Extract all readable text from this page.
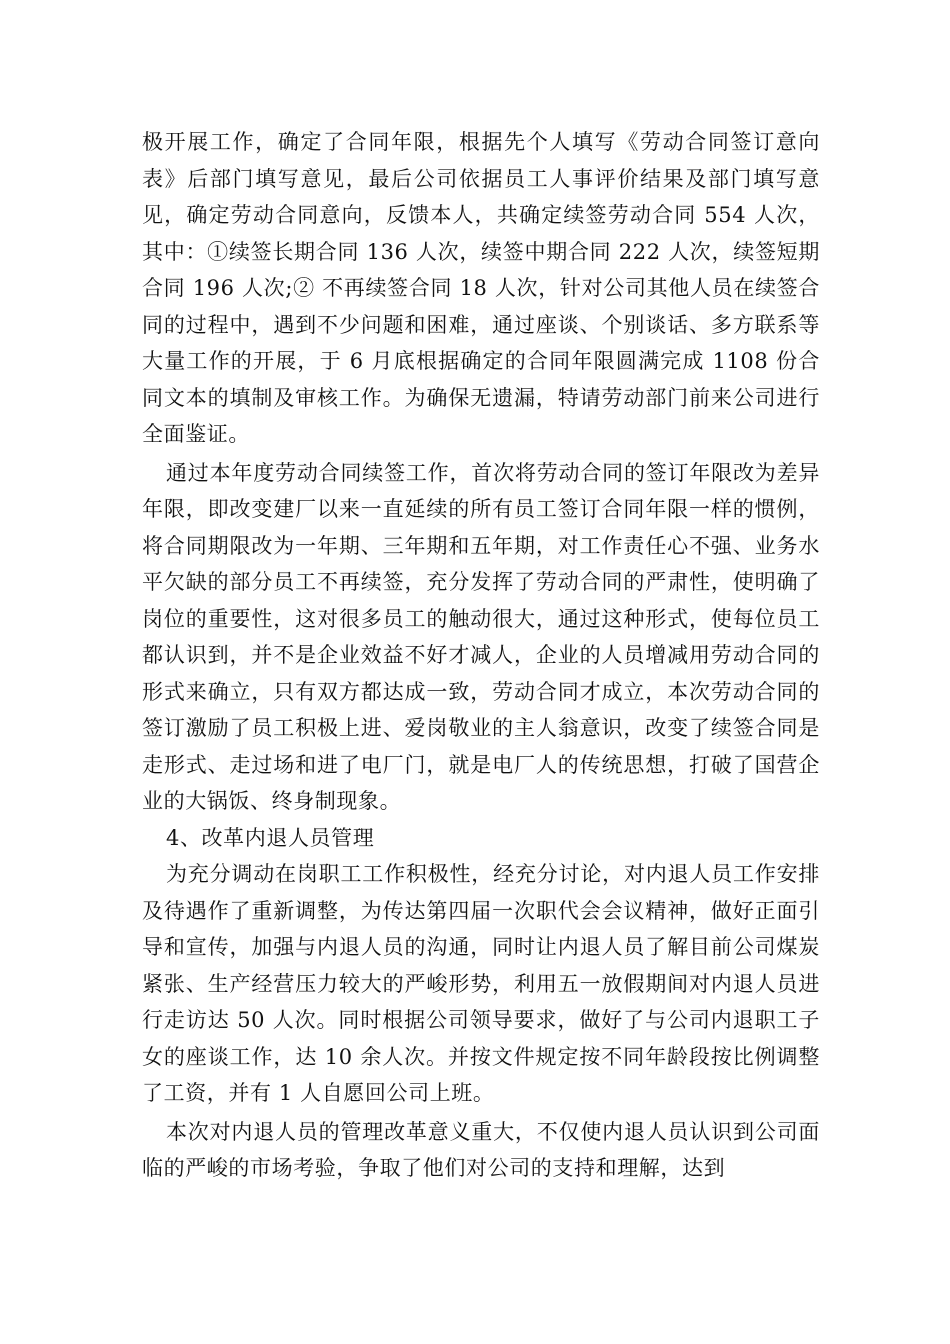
极开展工作，确定了合同年限，根据先个人填写《劳动合同签订意向表》后部门填写意见，最后公司依据员工人事评价结果及部门填写意见，确定劳动合同意向，反馈本人，共确定续签劳动合同 554 人次，其中：①续签长期合同 136 人次，续签中期合同 222 人次，续签短期合同 196 人次;② 不再续签合同 18 人次，针对公司其他人员在续签合同的过程中，遇到不少问题和困难，通过座谈、个别谈话、多方联系等大量工作的开展，于 6 月底根据确定的合同年限圆满完成 1108 份合同文本的填制及审核工作。为确保无遗漏，特请劳动部门前来公司进行全面鉴证。

通过本年度劳动合同续签工作，首次将劳动合同的签订年限改为差异年限，即改变建厂以来一直延续的所有员工签订合同年限一样的惯例，将合同期限改为一年期、三年期和五年期，对工作责任心不强、业务水平欠缺的部分员工不再续签，充分发挥了劳动合同的严肃性，使明确了岗位的重要性，这对很多员工的触动很大，通过这种形式，使每位员工都认识到，并不是企业效益不好才减人，企业的人员增减用劳动合同的形式来确立，只有双方都达成一致，劳动合同才成立，本次劳动合同的签订激励了员工积极上进、爱岗敬业的主人翁意识，改变了续签合同是走形式、走过场和进了电厂门，就是电厂人的传统思想，打破了国营企业的大锅饭、终身制现象。

4、改革内退人员管理

为充分调动在岗职工工作积极性，经充分讨论，对内退人员工作安排及待遇作了重新调整，为传达第四届一次职代会会议精神，做好正面引导和宣传，加强与内退人员的沟通，同时让内退人员了解目前公司煤炭紧张、生产经营压力较大的严峻形势，利用五一放假期间对内退人员进行走访达 50 人次。同时根据公司领导要求，做好了与公司内退职工子女的座谈工作，达 10 余人次。并按文件规定按不同年龄段按比例调整了工资，并有 1 人自愿回公司上班。

本次对内退人员的管理改革意义重大，不仅使内退人员认识到公司面临的严峻的市场考验，争取了他们对公司的支持和理解，达到
